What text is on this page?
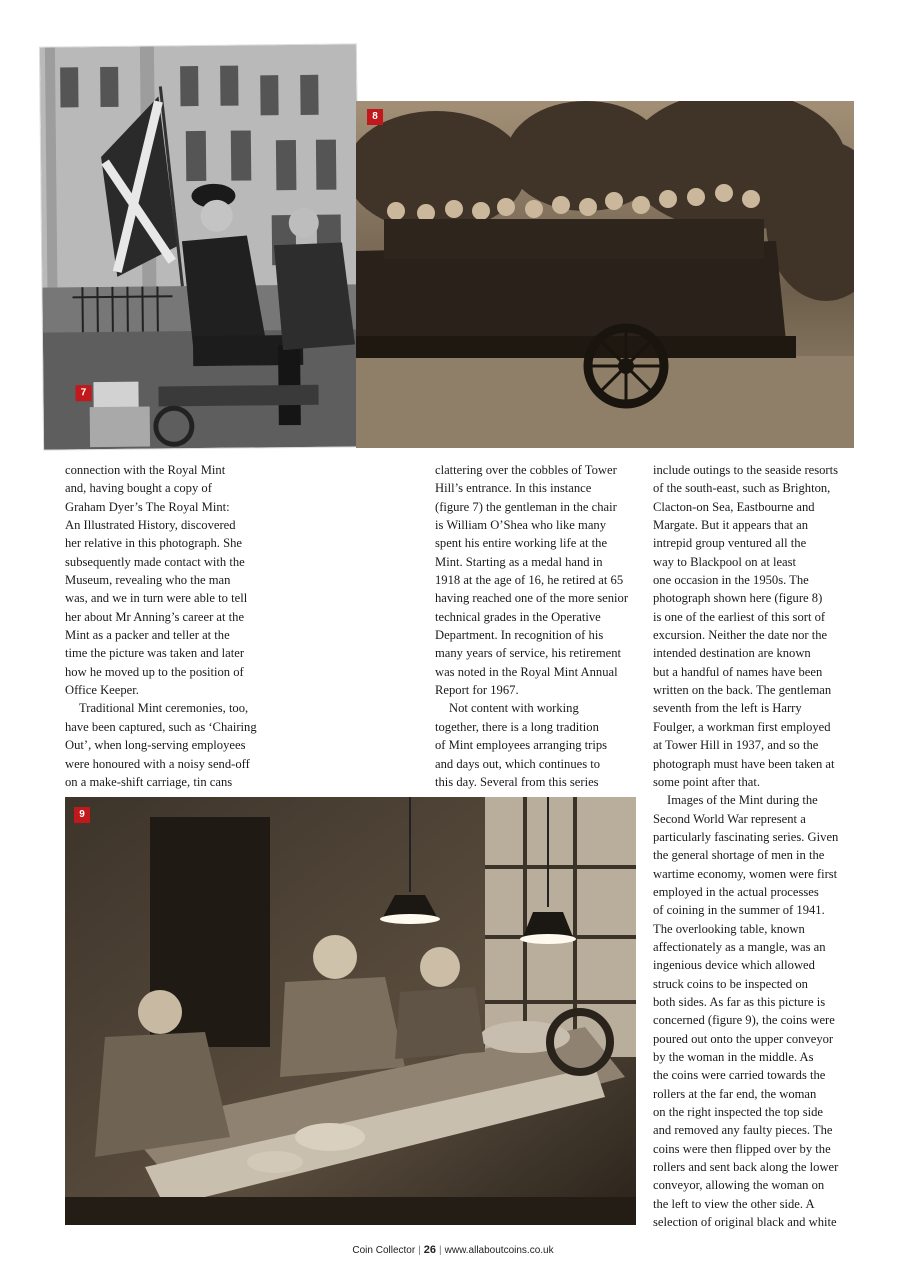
7
8
9

connection with the Royal Mint
and, having bought a copy of
Graham Dyer’s The Royal Mint:
An Illustrated History, discovered
her relative in this photograph. She
subsequently made contact with the
Museum, revealing who the man
was, and we in turn were able to tell
her about Mr Anning’s career at the
Mint as a packer and teller at the
time the picture was taken and later
how he moved up to the position of
Office Keeper.

Traditional Mint ceremonies, too,
have been captured, such as ‘Chairing
Out’, when long-serving employees
were honoured with a noisy send-off
on a make-shift carriage, tin cans

clattering over the cobbles of Tower
Hill’s entrance. In this instance
(figure 7) the gentleman in the chair
is William O’Shea who like many
spent his entire working life at the
Mint. Starting as a medal hand in
1918 at the age of 16, he retired at 65
having reached one of the more senior
technical grades in the Operative
Department. In recognition of his
many years of service, his retirement
was noted in the Royal Mint Annual
Report for 1967.

Not content with working
together, there is a long tradition
of Mint employees arranging trips
and days out, which continues to
this day. Several from this series

include outings to the seaside resorts
of the south-east, such as Brighton,
Clacton-on Sea, Eastbourne and
Margate. But it appears that an
intrepid group ventured all the
way to Blackpool on at least
one occasion in the 1950s. The
photograph shown here (figure 8)
is one of the earliest of this sort of
excursion. Neither the date nor the
intended destination are known
but a handful of names have been
written on the back. The gentleman
seventh from the left is Harry
Foulger, a workman first employed
at Tower Hill in 1937, and so the
photograph must have been taken at
some point after that.

Images of the Mint during the
Second World War represent a
particularly fascinating series. Given
the general shortage of men in the
wartime economy, women were first
employed in the actual processes
of coining in the summer of 1941.
The overlooking table, known
affectionately as a mangle, was an
ingenious device which allowed
struck coins to be inspected on
both sides. As far as this picture is
concerned (figure 9), the coins were
poured out onto the upper conveyor
by the woman in the middle. As
the coins were carried towards the
rollers at the far end, the woman
on the right inspected the top side
and removed any faulty pieces. The
coins were then flipped over by the
rollers and sent back along the lower
conveyor, allowing the woman on
the left to view the other side. A
selection of original black and white

Coin Collector | 26 | www.allaboutcoins.co.uk
